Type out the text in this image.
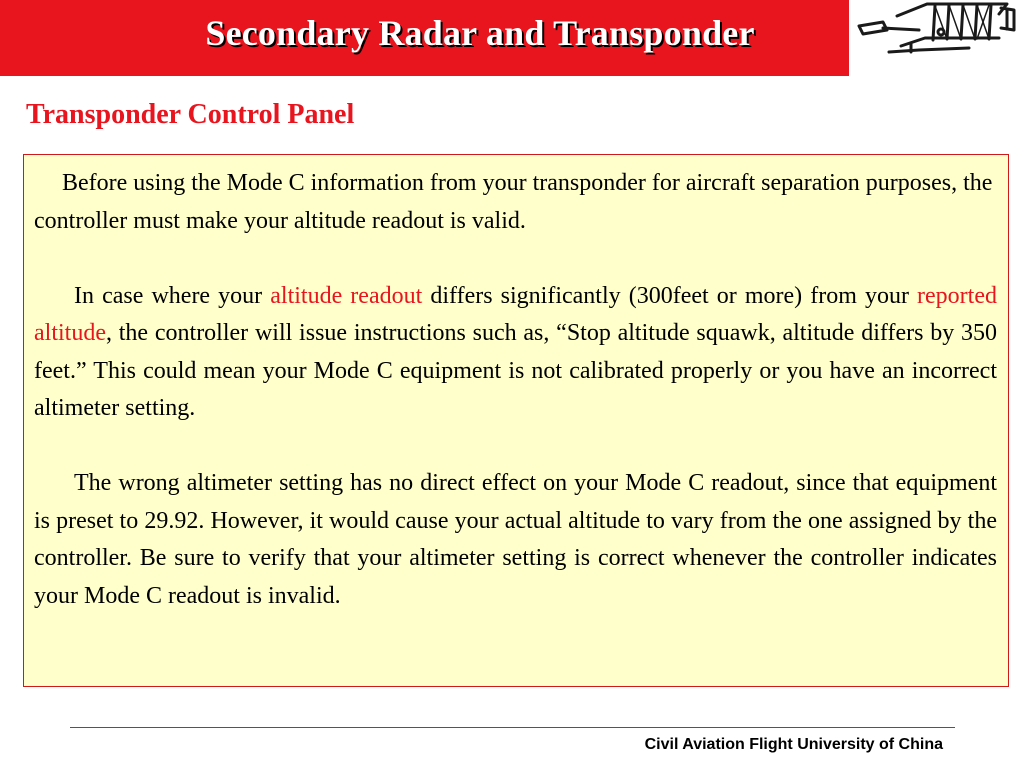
Secondary Radar and Transponder
Transponder Control Panel

Before using the Mode C information from your transponder for aircraft separation purposes, the controller must make your altitude readout is valid.

In case where your altitude readout differs significantly (300feet or more) from your reported altitude, the controller will issue instructions such as, “Stop altitude squawk, altitude differs by 350 feet.” This could mean your Mode C equipment is not calibrated properly or you have an incorrect altimeter setting.

The wrong altimeter setting has no direct effect on your Mode C readout, since that equipment is preset to 29.92. However, it would cause your actual altitude to vary from the one assigned by the controller. Be sure to verify that your altimeter setting is correct whenever the controller indicates your Mode C readout is invalid.

Civil Aviation Flight University of China
